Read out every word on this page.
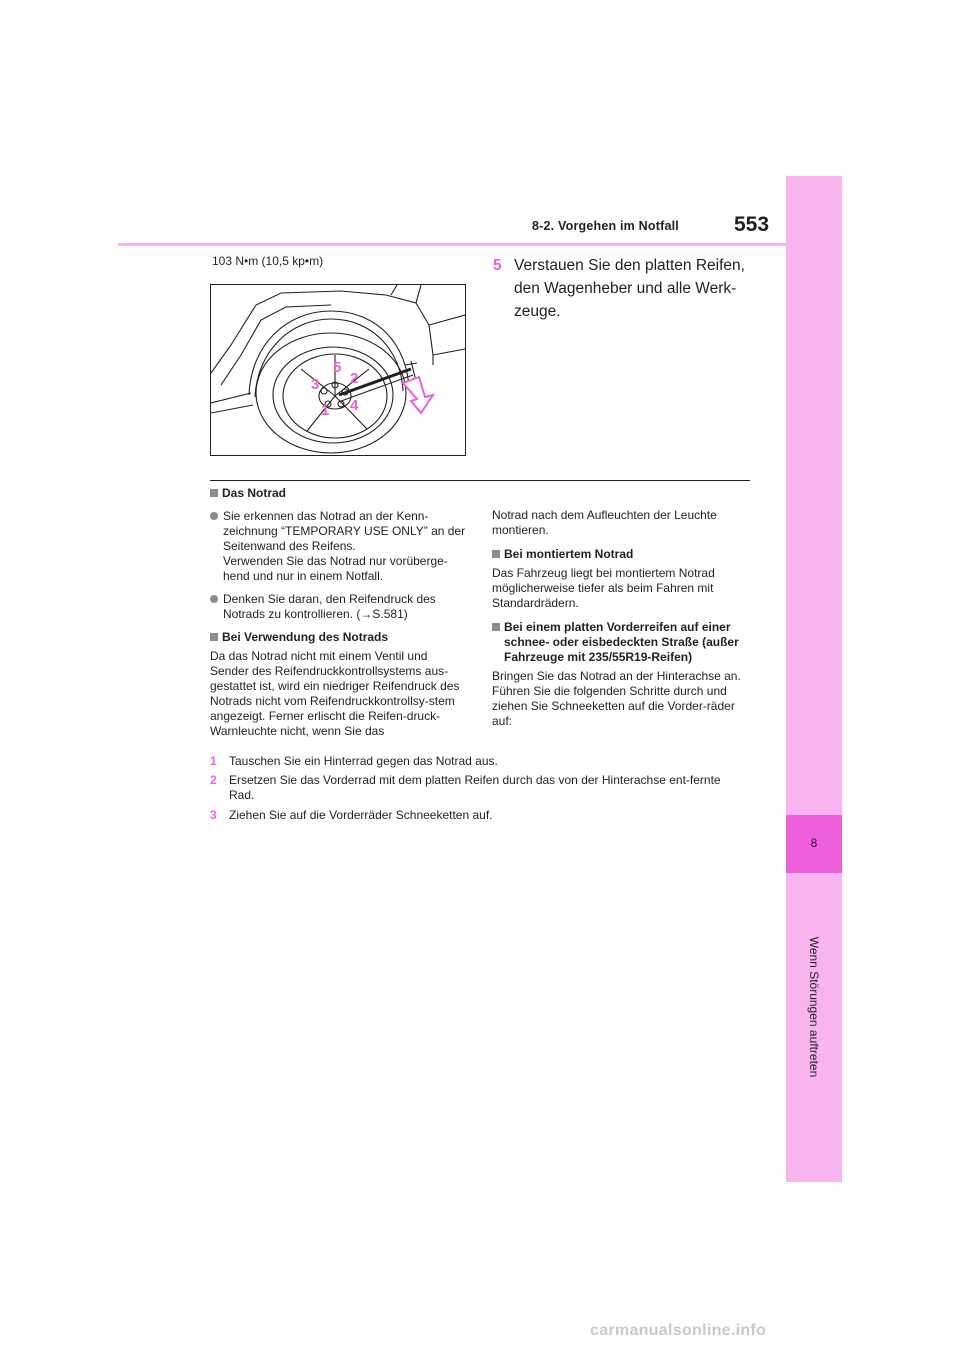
8-2. Vorgehen im Notfall	553
8
Wenn Störungen auftreten
103 N•m (10,5 kp•m)
3
5
2
1 4
5 Verstauen Sie den platten Reifen, den Wagenheber und alle Werk-zeuge.

Das Notrad

Sie erkennen das Notrad an der Kenn-zeichnung “TEMPORARY USE ONLY” an der Seitenwand des Reifens.

Verwenden Sie das Notrad nur vorüberge-hend und nur in einem Notfall.

Denken Sie daran, den Reifendruck des Notrads zu kontrollieren. (→S.581)

Bei Verwendung des Notrads

Da das Notrad nicht mit einem Ventil und Sender des Reifendruckkontrollsystems aus-gestattet ist, wird ein niedriger Reifendruck des Notrads nicht vom Reifendruckkontrollsy-stem angezeigt. Ferner erlischt die Reifen-druck-Warnleuchte nicht, wenn Sie das

Notrad nach dem Aufleuchten der Leuchte montieren.

Bei montiertem Notrad

Das Fahrzeug liegt bei montiertem Notrad möglicherweise tiefer als beim Fahren mit Standardrädern.

Bei einem platten Vorderreifen auf einer schnee- oder eisbedeckten Straße (außer Fahrzeuge mit 235/55R19-Reifen)

Bringen Sie das Notrad an der Hinterachse an. Führen Sie die folgenden Schritte durch und ziehen Sie Schneeketten auf die Vorder-räder auf:

1	Tauschen Sie ein Hinterrad gegen das Notrad aus.
2	Ersetzen Sie das Vorderrad mit dem platten Reifen durch das von der Hinterachse ent-fernte Rad.
3	Ziehen Sie auf die Vorderräder Schneeketten auf.
carmanualsonline.info
